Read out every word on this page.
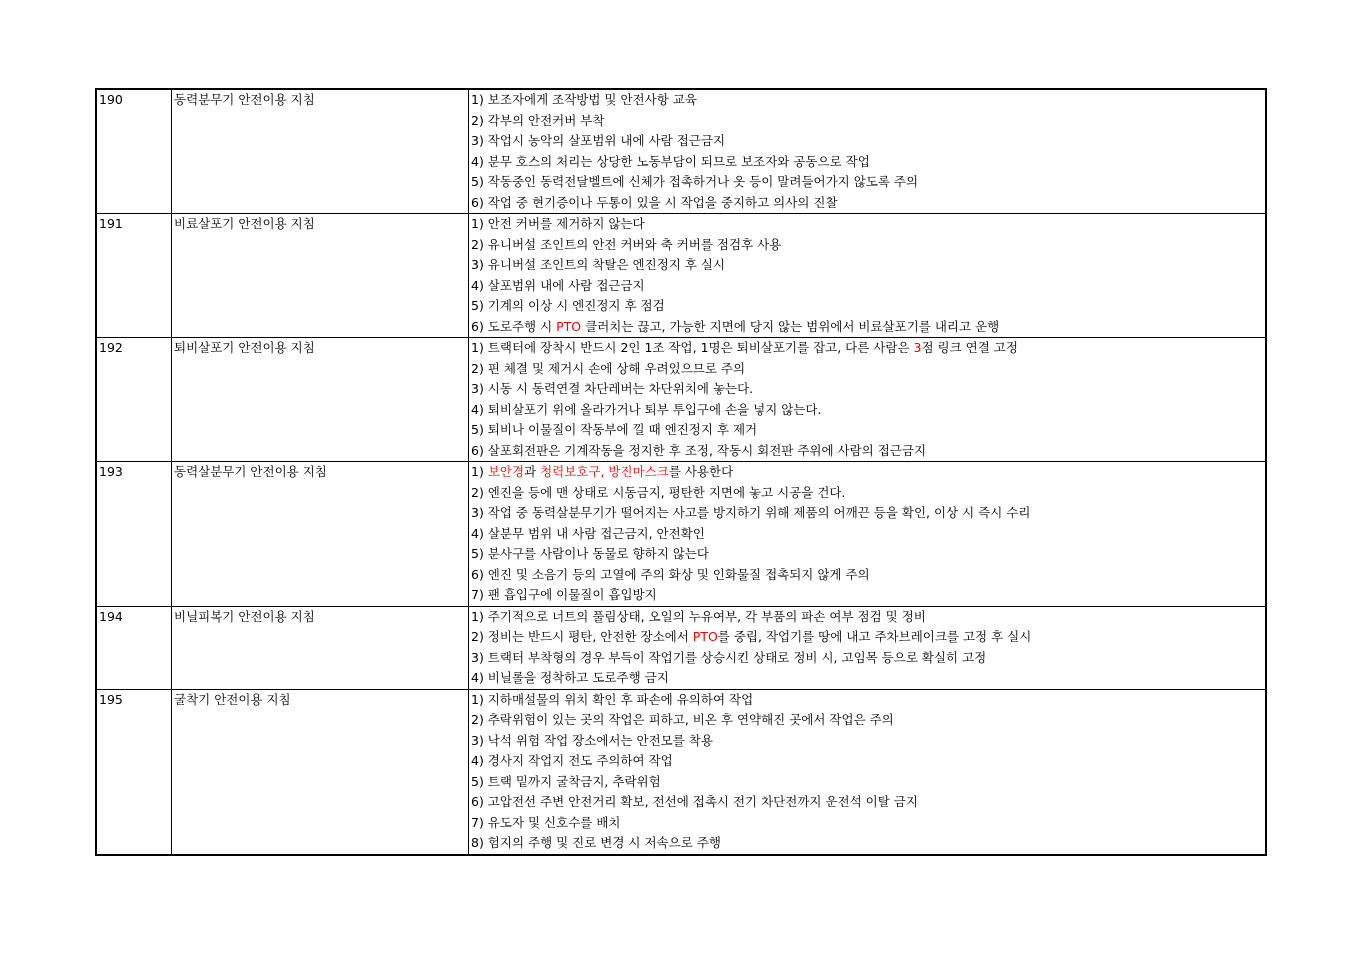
190	동력분무기 안전이용 지침	1) 보조자에게 조작방법 및 안전사항 교육

		2) 각부의 안전커버 부착

		3) 작업시 농악의 살포범위 내에 사람 접근금지

		4) 분무 호스의 처리는 상당한 노동부담이 되므로 보조자와 공동으로 작업

		5) 작동중인 동력전달벨트에 신체가 접촉하거나 옷 등이 말려들어가지 않도록 주의

		6) 작업 중 현기증이나 두통이 있을 시 작업을 중지하고 의사의 진찰

191	비료살포기 안전이용 지침	1) 안전 커버를 제거하지 않는다

		2) 유니버설 조인트의 안전 커버와 축 커버를 점검후 사용

		3) 유니버설 조인트의 착탈은 엔진정지 후 실시

		4) 살포범위 내에 사람 접근금지

		5) 기계의 이상 시 엔진정지 후 점검

		6) 도로주행 시 PTO 클러치는 끊고, 가능한 지면에 당지 않는 범위에서 비료살포기를 내리고 운행

192	퇴비살포기 안전이용 지침	1) 트랙터에 장착시 반드시 2인 1조 작업, 1명은 퇴비살포기를 잡고, 다른 사람은 3점 링크 연결 고정

		2) 핀 체결 및 제거시 손에 상해 우려있으므로 주의

		3) 시동 시 동력연결 차단레버는 차단위치에 놓는다.

		4) 퇴비살포기 위에 올라가거나 퇴부 투입구에 손을 넣지 않는다.

		5) 퇴비나 이물질이 작동부에 낄 때 엔진정지 후 제거

		6) 살포회전판은 기계작동을 정지한 후 조정, 작동시 회전판 주위에 사람의 접근금지

193	동력살분무기 안전이용 지침	1) 보안경과 청력보호구, 방진마스크를 사용한다

		2) 엔진을 등에 맨 상태로 시동금지, 평탄한 지면에 놓고 시공을 건다.

		3) 작업 중 동력살분무기가 떨어지는 사고를 방지하기 위해 제품의 어깨끈 등을 확인, 이상 시 즉시 수리

		4) 살분무 범위 내 사람 접근금지, 안전확인

		5) 분사구를 사람이나 동물로 향하지 않는다

		6) 엔진 및 소음기 등의 고열에 주의 화상 및 인화물질 접촉되지 않게 주의

		7) 팬 흡입구에 이물질이 흡입방지

194	비닐피복기 안전이용 지침	1) 주기적으로 너트의 풀림상태, 오일의 누유여부, 각 부품의 파손 여부 점검 및 정비

		2) 정비는 반드시 평탄, 안전한 장소에서 PTO를 중립, 작업기를 땅에 내고 주차브레이크를 고정 후 실시

		3) 트랙터 부착형의 경우 부득이 작업기를 상승시킨 상태로 정비 시, 고임목 등으로 확실히 고정

		4) 비닐롤을 정착하고 도로주행 금지

195	굴착기 안전이용 지침	1) 지하매설물의 위치 확인 후 파손에 유의하여 작업

		2) 추락위험이 있는 곳의 작업은 피하고, 비온 후 연약해진 곳에서 작업은 주의

		3) 낙석 위험 작업 장소에서는 안전모를 착용

		4) 경사지 작업지 전도 주의하여 작업

		5) 트랙 밑까지 굴착금지, 추락위험

		6) 고압전선 주변 안전거리 확보, 전선에 접촉시 전기 차단전까지 운전석 이탈 금지

		7) 유도자 및 신호수를 배치

		8) 험지의 주행 및 진로 변경 시 저속으로 주행
